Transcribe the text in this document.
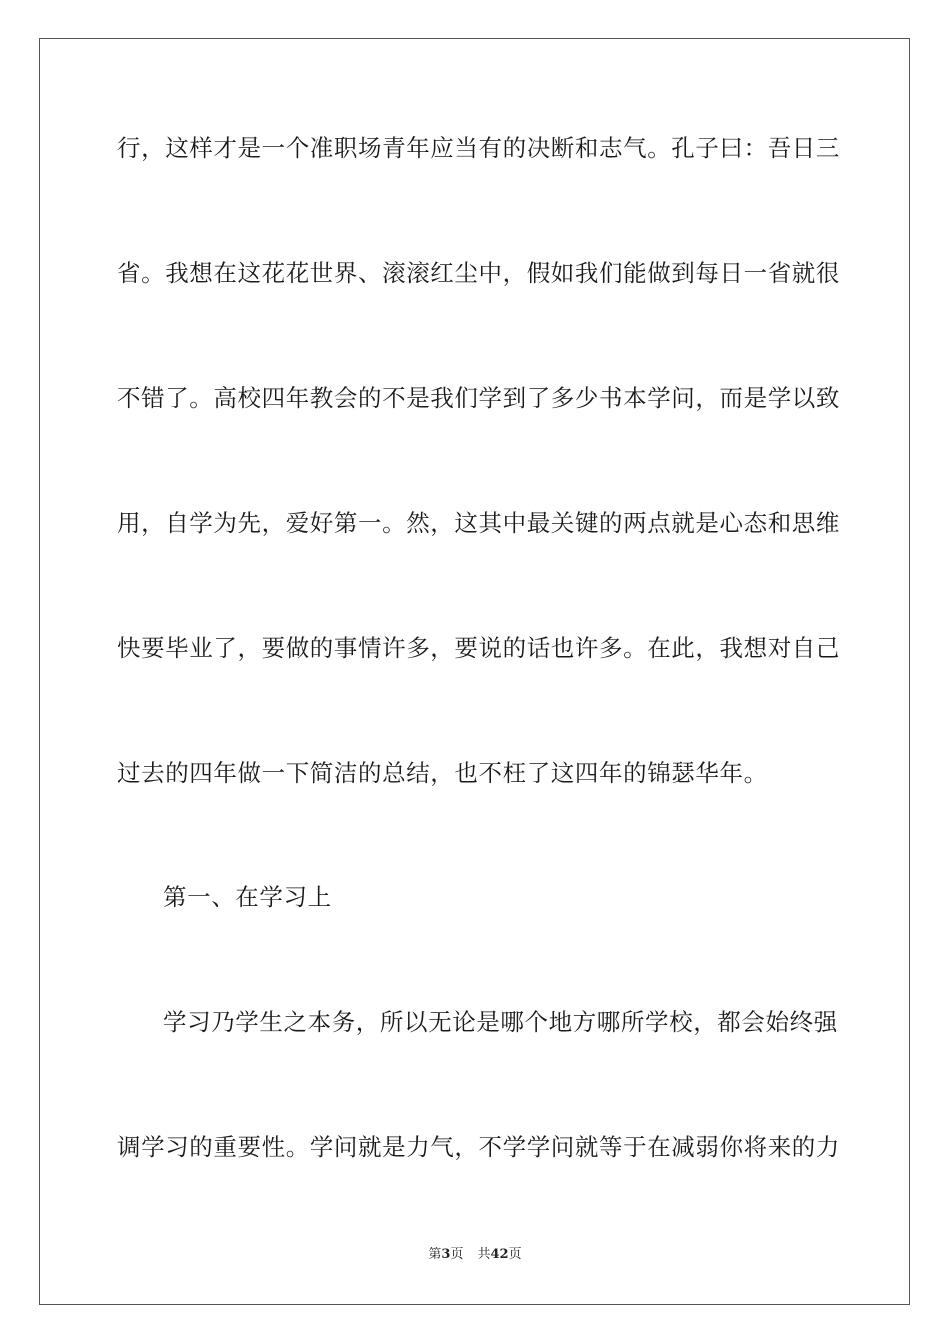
行，这样才是一个准职场青年应当有的决断和志气。孔子曰：吾日三
省。我想在这花花世界、滚滚红尘中，假如我们能做到每日一省就很
不错了。高校四年教会的不是我们学到了多少书本学问，而是学以致
用，自学为先，爱好第一。然，这其中最关键的两点就是心态和思维
快要毕业了，要做的事情许多，要说的话也许多。在此，我想对自己
过去的四年做一下简洁的总结，也不枉了这四年的锦瑟华年。
第一、在学习上
学习乃学生之本务，所以无论是哪个地方哪所学校，都会始终强
调学习的重要性。学问就是力气，不学学问就等于在减弱你将来的力
第3页 共42页
